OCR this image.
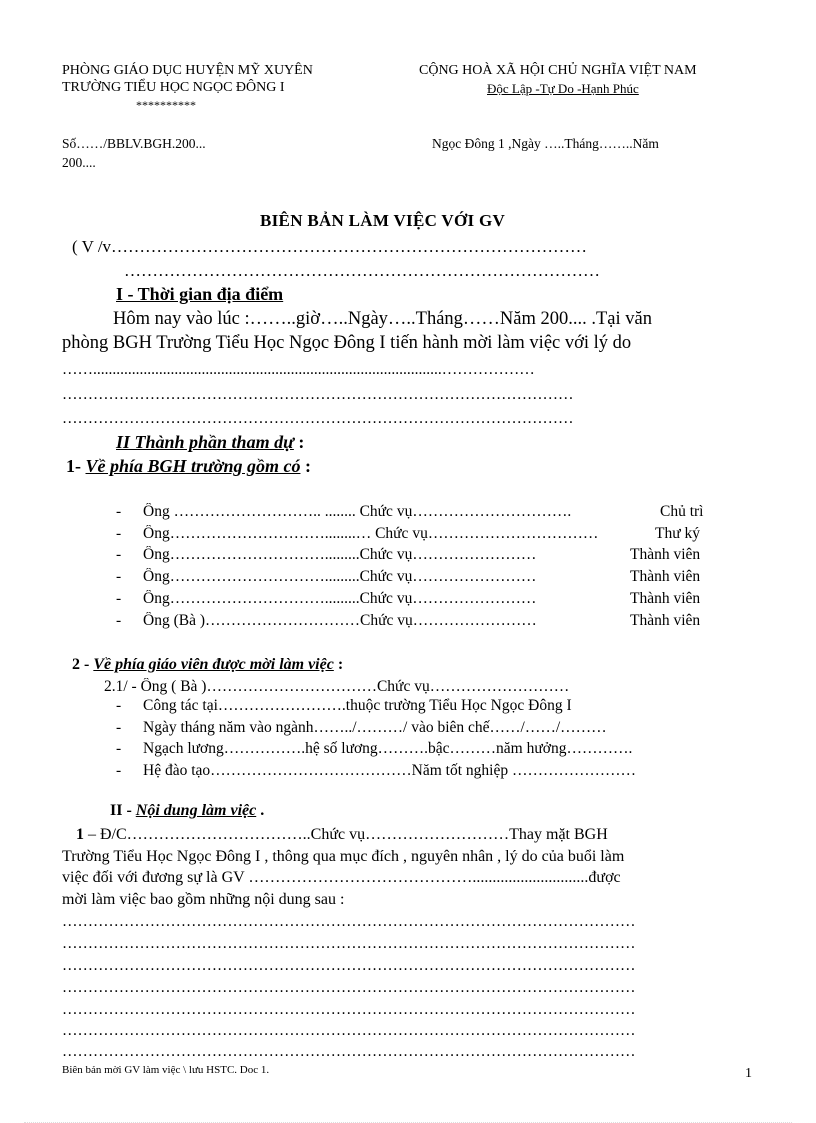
PHÒNG GIÁO DỤC HUYỆN MỸ XUYÊN
TRƯỜNG TIỂU HỌC NGỌC ĐÔNG I
**********
CỘNG HOÀ XÃ HỘI CHỦ NGHĨA VIỆT NAM
Độc Lập -Tự Do -Hạnh Phúc
Số……/BBLV.BGH.200...
200....
Ngọc Đông 1 ,Ngày …..Tháng……..Năm
BIÊN BẢN LÀM VIỆC VỚI GV
( V /v…………………………………………………………………………
…………………………………………………………………………
I - Thời gian địa điểm
Hôm nay vào lúc :……..giờ…..Ngày…..Tháng……Năm 200.... .Tại văn
phòng BGH Trường Tiểu Học Ngọc Đông I tiến hành mời làm việc với lý do
……..........................................................................................………………
………………………………………………………………………………………
………………………………………………………………………………………
II Thành phần tham dự :
1- Về phía BGH trường gồm có :
- Ông ……………………….. ........ Chức vụ………………………….	Chủ trì
- Ông…………………………........… Chức vụ……………………………	Thư ký
- Ông………………………….........Chức vụ……………………	Thành viên
- Ông………………………….........Chức vụ……………………	Thành viên
- Ông………………………….........Chức vụ……………………	Thành viên
- Ông (Bà )…………………………Chức vụ……………………	Thành viên
2 - Về phía giáo viên được mời làm việc :
2.1/ - Ông ( Bà )……………………………Chức vụ………………………
- Công tác tại…………………….thuộc trường Tiểu Học Ngọc Đông I
- Ngày tháng năm vào ngành……../………/ vào biên chế……/……/………
- Ngạch lương…………….hệ số lương……….bậc………năm hưởng………….
- Hệ đào tạo…………………………………Năm tốt nghiệp ……………………
II - Nội dung làm việc .
1 – Đ/C……………………………..Chức vụ………………………Thay mặt BGH
Trường Tiểu Học Ngọc Đông I , thông qua mục đích , nguyên nhân , lý do của buổi làm
việc đối với đương sự là GV …………………………………….............................được
mời làm việc bao gồm những nội dung sau :
…………………………………………………………………………………………………
…………………………………………………………………………………………………
…………………………………………………………………………………………………
…………………………………………………………………………………………………
…………………………………………………………………………………………………
…………………………………………………………………………………………………
…………………………………………………………………………………………………
Biên bản mời GV làm việc \ lưu HSTC. Doc 1.	1
